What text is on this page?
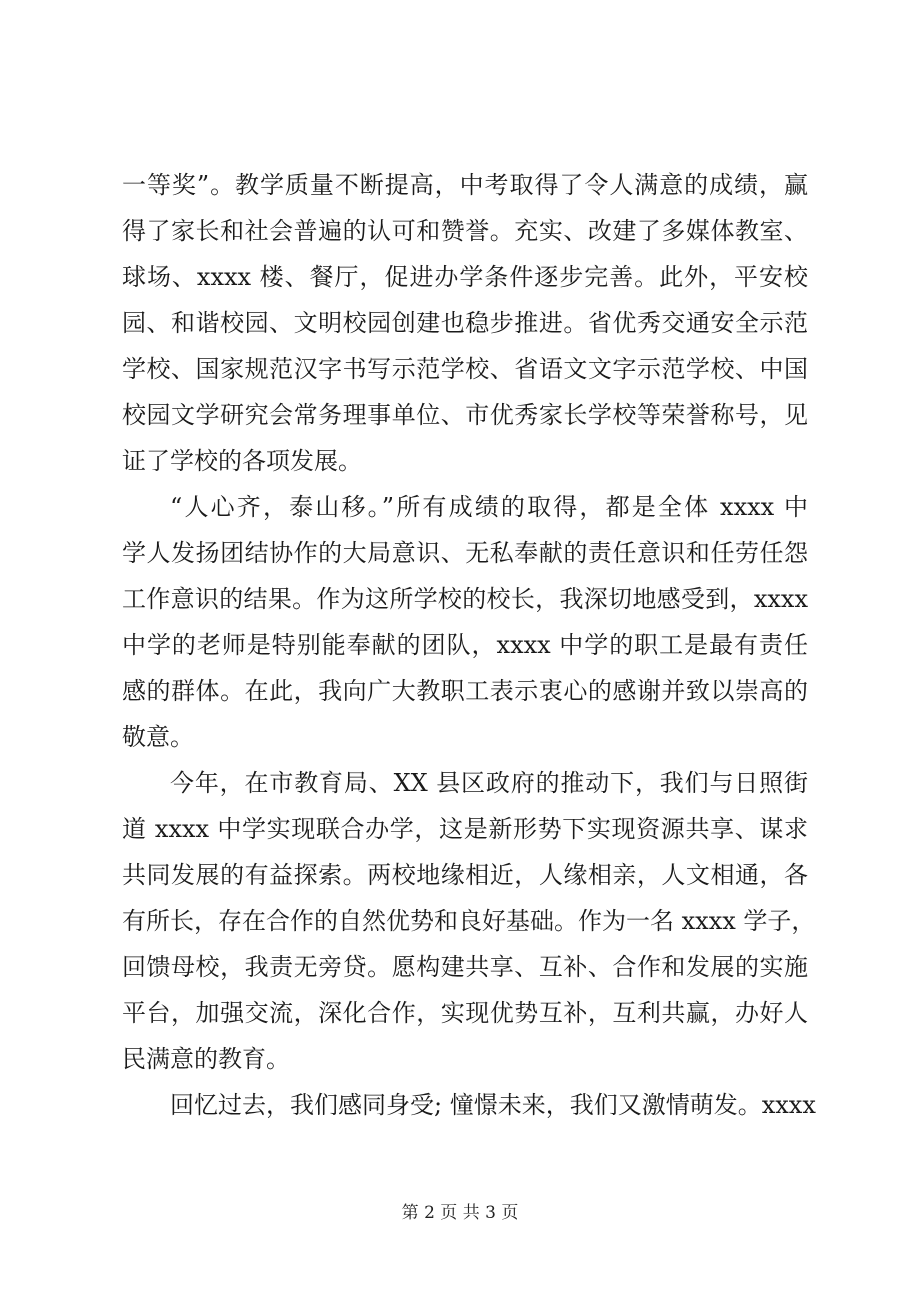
一等奖”。教学质量不断提高，中考取得了令人满意的成绩，赢
得了家长和社会普遍的认可和赞誉。充实、改建了多媒体教室、
球场、xxxx 楼、餐厅，促进办学条件逐步完善。此外，平安校
园、和谐校园、文明校园创建也稳步推进。省优秀交通安全示范
学校、国家规范汉字书写示范学校、省语文文字示范学校、中国
校园文学研究会常务理事单位、市优秀家长学校等荣誉称号，见
证了学校的各项发展。
“人心齐，泰山移。”所有成绩的取得，都是全体 xxxx 中
学人发扬团结协作的大局意识、无私奉献的责任意识和任劳任怨
工作意识的结果。作为这所学校的校长，我深切地感受到，xxxx
中学的老师是特别能奉献的团队，xxxx 中学的职工是最有责任
感的群体。在此，我向广大教职工表示衷心的感谢并致以崇高的
敬意。
今年，在市教育局、XX 县区政府的推动下，我们与日照街
道 xxxx 中学实现联合办学，这是新形势下实现资源共享、谋求
共同发展的有益探索。两校地缘相近，人缘相亲，人文相通，各
有所长，存在合作的自然优势和良好基础。作为一名 xxxx 学子，
回馈母校，我责无旁贷。愿构建共享、互补、合作和发展的实施
平台，加强交流，深化合作，实现优势互补，互利共赢，办好人
民满意的教育。
回忆过去，我们感同身受; 憧憬未来，我们又激情萌发。xxxx
第 2 页 共 3 页
